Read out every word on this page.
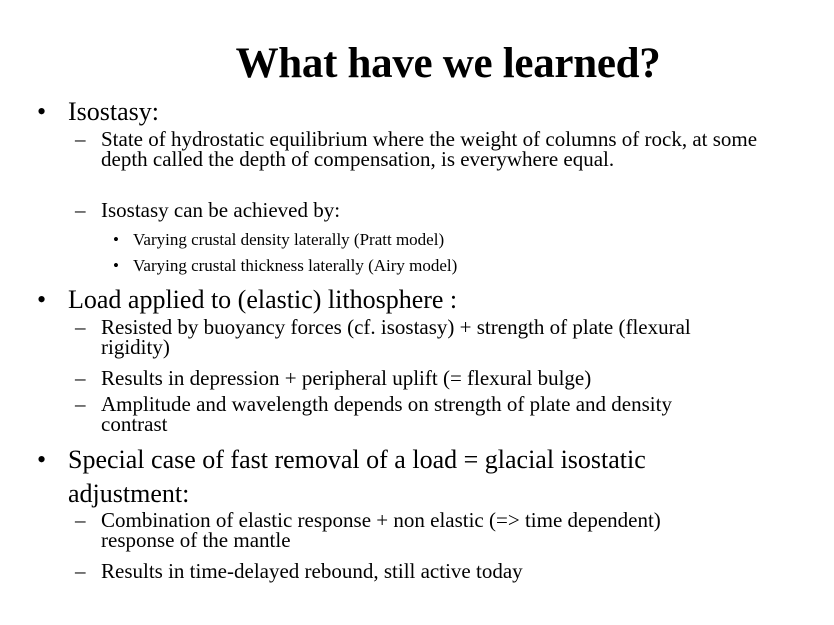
What have we learned?
• Isostasy:
– State of hydrostatic equilibrium where the weight of columns of rock, at some depth called the depth of compensation, is everywhere equal.
– Isostasy can be achieved by:
• Varying crustal density laterally (Pratt model)
• Varying crustal thickness laterally (Airy model)
• Load applied to (elastic) lithosphere :
– Resisted by buoyancy forces (cf. isostasy) + strength of plate (flexural rigidity)
– Results in depression + peripheral uplift (= flexural bulge)
– Amplitude and wavelength depends on strength of plate and density contrast
• Special case of fast removal of a load = glacial isostatic adjustment:
– Combination of elastic response + non elastic (=> time dependent) response of the mantle
– Results in time-delayed rebound, still active today
